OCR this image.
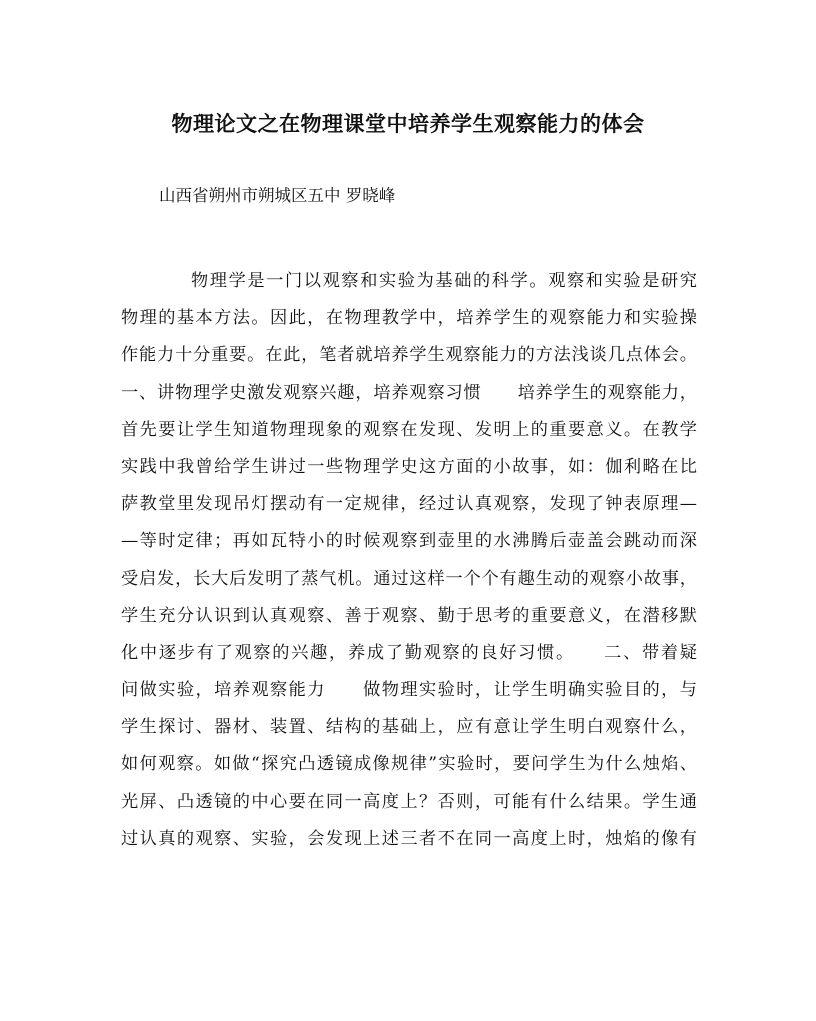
物理论文之在物理课堂中培养学生观察能力的体会

山西省朔州市朔城区五中 罗晓峰

物理学是一门以观察和实验为基础的科学。观察和实验是研究
物理的基本方法。因此，在物理教学中，培养学生的观察能力和实验操
作能力十分重要。在此，笔者就培养学生观察能力的方法浅谈几点体会。
一、讲物理学史激发观察兴趣，培养观察习惯　　培养学生的观察能力，
首先要让学生知道物理现象的观察在发现、发明上的重要意义。在教学
实践中我曾给学生讲过一些物理学史这方面的小故事，如：伽利略在比
萨教堂里发现吊灯摆动有一定规律，经过认真观察，发现了钟表原理—
—等时定律；再如瓦特小的时候观察到壶里的水沸腾后壶盖会跳动而深
受启发，长大后发明了蒸气机。通过这样一个个有趣生动的观察小故事，
学生充分认识到认真观察、善于观察、勤于思考的重要意义，在潜移默
化中逐步有了观察的兴趣，养成了勤观察的良好习惯。　　二、带着疑
问做实验，培养观察能力　　做物理实验时，让学生明确实验目的，与
学生探讨、器材、装置、结构的基础上，应有意让学生明白观察什么，
如何观察。如做“探究凸透镜成像规律”实验时，要问学生为什么烛焰、
光屏、凸透镜的中心要在同一高度上？否则，可能有什么结果。学生通
过认真的观察、实验，会发现上述三者不在同一高度上时，烛焰的像有
